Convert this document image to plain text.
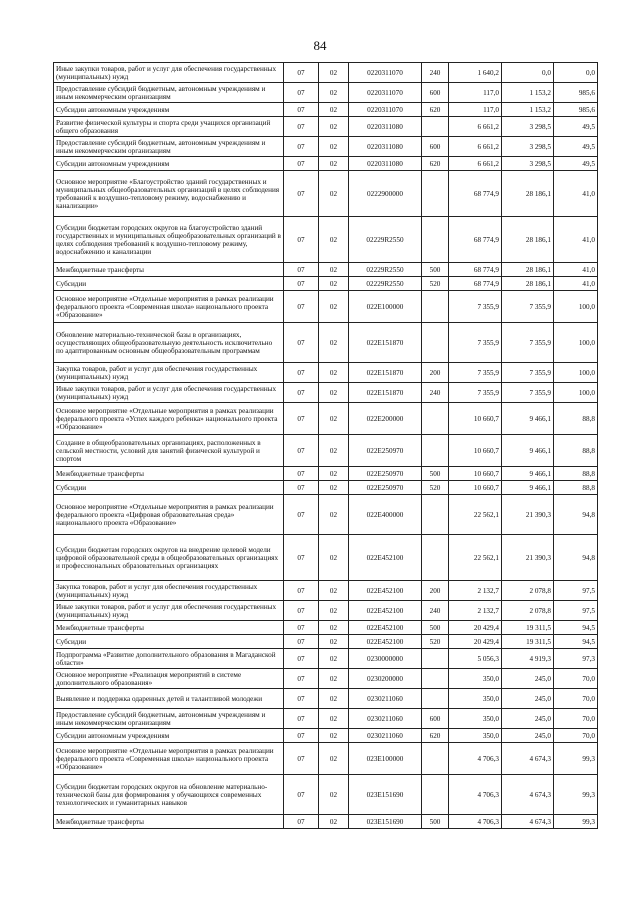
84
Иные закупки товаров, работ и услуг для обеспечения государственных (муниципальных) нужд	07	02	0220311070	240	1 640,2	0,0	0,0
Предоставление субсидий бюджетным, автономным учреждениям и иным некоммерческим организациям	07	02	0220311070	600	117,0	1 153,2	985,6
Субсидии автономным учреждениям	07	02	0220311070	620	117,0	1 153,2	985,6
Развитие физической культуры и спорта среди учащихся организаций общего образования	07	02	0220311080		6 661,2	3 298,5	49,5
Предоставление субсидий бюджетным, автономным учреждениям и иным некоммерческим организациям	07	02	0220311080	600	6 661,2	3 298,5	49,5
Субсидии автономным учреждениям	07	02	0220311080	620	6 661,2	3 298,5	49,5
Основное мероприятие «Благоустройство зданий государственных и муниципальных общеобразовательных организаций в целях соблюдения требований к воздушно-тепловому режиму, водоснабжению и канализации»	07	02	0222900000		68 774,9	28 186,1	41,0
Субсидии бюджетам городских округов на благоустройство зданий государственных и муниципальных общеобразовательных организаций в целях соблюдения требований к воздушно-тепловому режиму, водоснабжению и канализации	07	02	02229R2550		68 774,9	28 186,1	41,0
Межбюджетные трансферты	07	02	02229R2550	500	68 774,9	28 186,1	41,0
Субсидии	07	02	02229R2550	520	68 774,9	28 186,1	41,0
Основное мероприятие «Отдельные мероприятия в рамках реализации федерального проекта «Современная школа» национального проекта «Образование»	07	02	022E100000		7 355,9	7 355,9	100,0
Обновление материально-технической базы в организациях, осуществляющих общеобразовательную деятельность исключительно по адаптированным основным общеобразовательным программам	07	02	022E151870		7 355,9	7 355,9	100,0
Закупка товаров, работ и услуг для обеспечения государственных (муниципальных) нужд	07	02	022E151870	200	7 355,9	7 355,9	100,0
Иные закупки товаров, работ и услуг для обеспечения государственных (муниципальных) нужд	07	02	022E151870	240	7 355,9	7 355,9	100,0
Основное мероприятие «Отдельные мероприятия в рамках реализации федерального проекта «Успех каждого ребенка» национального проекта «Образование»	07	02	022E200000		10 660,7	9 466,1	88,8
Создание в общеобразовательных организациях, расположенных в сельской местности, условий для занятий физической культурой и спортом	07	02	022E250970		10 660,7	9 466,1	88,8
Межбюджетные трансферты	07	02	022E250970	500	10 660,7	9 466,1	88,8
Субсидии	07	02	022E250970	520	10 660,7	9 466,1	88,8
Основное мероприятие «Отдельные мероприятия в рамках реализации федерального проекта «Цифровая образовательная среда» национального проекта «Образование»	07	02	022E400000		22 562,1	21 390,3	94,8
Субсидии бюджетам городских округов на внедрение целевой модели цифровой образовательной среды в общеобразовательных организациях и профессиональных образовательных организациях	07	02	022E452100		22 562,1	21 390,3	94,8
Закупка товаров, работ и услуг для обеспечения государственных (муниципальных) нужд	07	02	022E452100	200	2 132,7	2 078,8	97,5
Иные закупки товаров, работ и услуг для обеспечения государственных (муниципальных) нужд	07	02	022E452100	240	2 132,7	2 078,8	97,5
Межбюджетные трансферты	07	02	022E452100	500	20 429,4	19 311,5	94,5
Субсидии	07	02	022E452100	520	20 429,4	19 311,5	94,5
Подпрограмма «Развитие дополнительного образования в Магаданской области»	07	02	0230000000		5 056,3	4 919,3	97,3
Основное мероприятие «Реализация мероприятий в системе дополнительного образования»	07	02	0230200000		350,0	245,0	70,0
Выявление и поддержка одаренных детей и талантливой молодежи	07	02	0230211060		350,0	245,0	70,0
Предоставление субсидий бюджетным, автономным учреждениям и иным некоммерческим организациям	07	02	0230211060	600	350,0	245,0	70,0
Субсидии автономным учреждениям	07	02	0230211060	620	350,0	245,0	70,0
Основное мероприятие «Отдельные мероприятия в рамках реализации федерального проекта «Современная школа» национального проекта «Образование»	07	02	023E100000		4 706,3	4 674,3	99,3
Субсидии бюджетам городских округов на обновление материально-технической базы для формирования у обучающихся современных технологических и гуманитарных навыков	07	02	023E151690		4 706,3	4 674,3	99,3
Межбюджетные трансферты	07	02	023E151690	500	4 706,3	4 674,3	99,3
